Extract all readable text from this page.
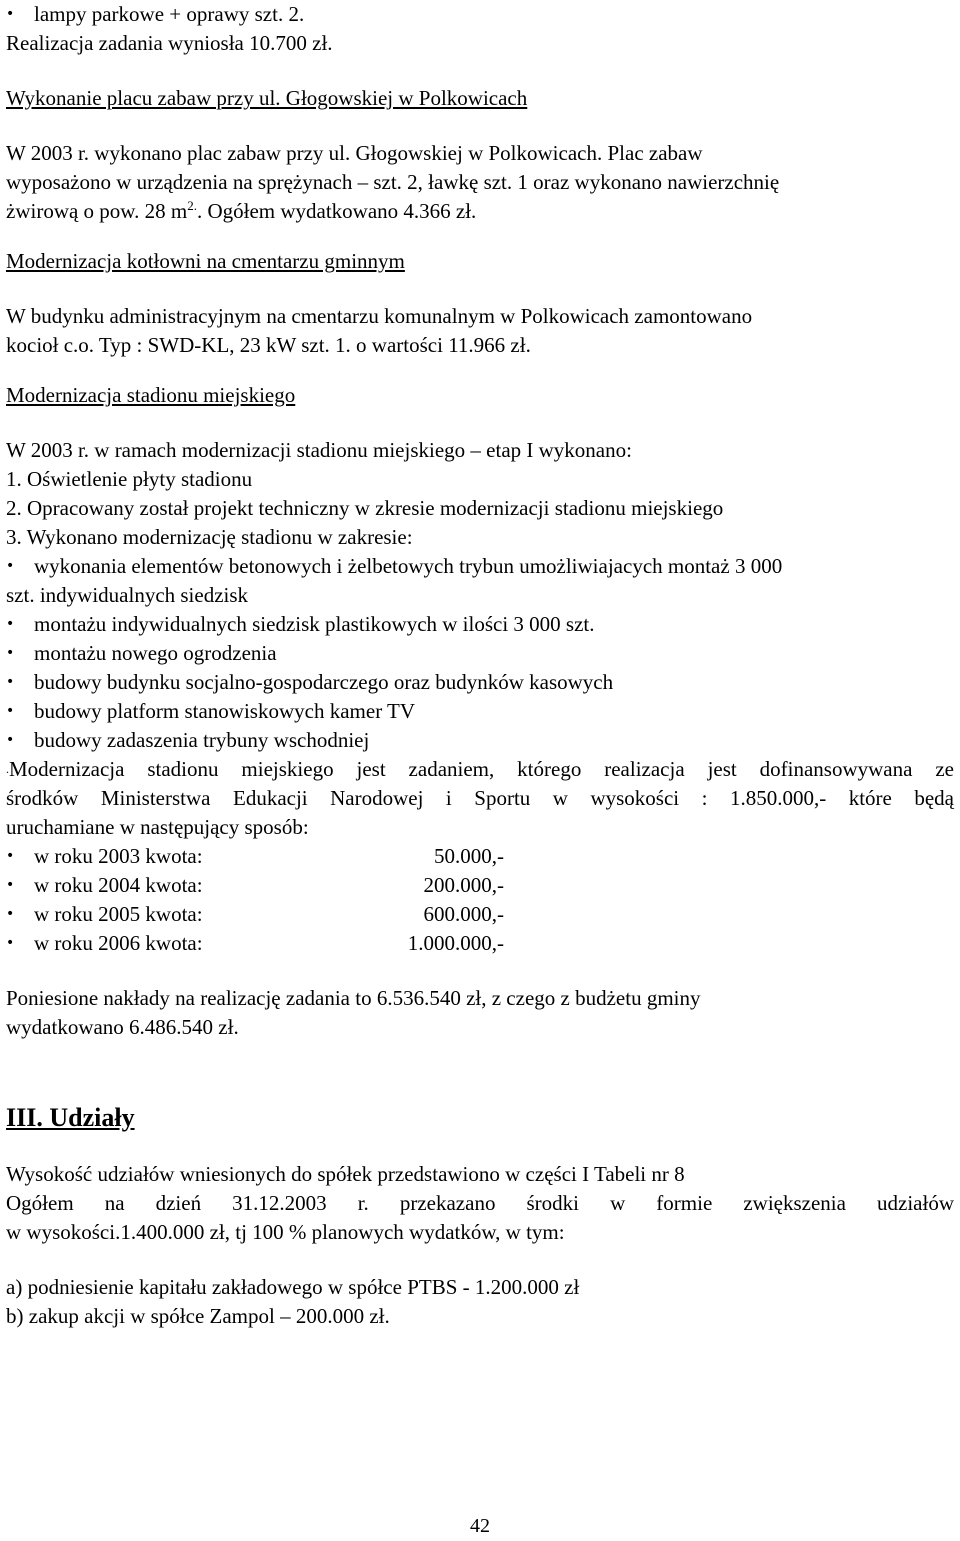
• lampy parkowe + oprawy szt. 2.

Realizacja zadania wyniosła 10.700 zł.

Wykonanie placu zabaw przy ul. Głogowskiej w Polkowicach

W 2003 r. wykonano plac zabaw przy ul. Głogowskiej w Polkowicach. Plac zabaw

wyposażono w urządzenia na sprężynach – szt. 2, ławkę szt. 1 oraz wykonano nawierzchnię

żwirową o pow. 28 $m^{2.}$. Ogółem wydatkowano 4.366 zł.

Modernizacja kotłowni na cmentarzu gminnym

W budynku administracyjnym na cmentarzu komunalnym w Polkowicach zamontowano

kocioł c.o. Typ : SWD-KL, 23 kW szt. 1. o wartości 11.966 zł.

Modernizacja stadionu miejskiego

W 2003 r. w ramach modernizacji stadionu miejskiego – etap I wykonano:

1. Oświetlenie płyty stadionu

2. Opracowany został projekt techniczny w zkresie modernizacji stadionu miejskiego

3. Wykonano modernizację stadionu w zakresie:

• wykonania elementów betonowych i żelbetowych trybun umożliwiajacych montaż 3 000
szt. indywidualnych siedzisk
• montażu indywidualnych siedzisk plastikowych w ilości 3 000 szt.
• montażu nowego ogrodzenia
• budowy budynku socjalno-gospodarczego oraz budynków kasowych
• budowy platform stanowiskowych kamer TV
• budowy zadaszenia trybuny wschodniej

.Modernizacja stadionu miejskiego jest zadaniem, którego realizacja jest dofinansowywana ze

środków Ministerstwa Edukacji Narodowej i Sportu w wysokości : 1.850.000,- które będą

uruchamiane w następujący sposób:

• w roku 2003 kwota:	50.000,-
• w roku 2004 kwota:	200.000,-
• w roku 2005 kwota:	600.000,-
• w roku 2006 kwota:	1.000.000,-

Poniesione nakłady na realizację zadania to 6.536.540 zł, z czego z budżetu gminy

wydatkowano 6.486.540 zł.

III. Udziały

Wysokość udziałów wniesionych do spółek przedstawiono w części I Tabeli nr 8

Ogółem na dzień 31.12.2003 r. przekazano środki w formie zwiększenia udziałów

w wysokości.1.400.000 zł, tj 100 % planowych wydatków, w tym:

a) podniesienie kapitału zakładowego w spółce PTBS - 1.200.000 zł

b) zakup akcji w spółce Zampol – 200.000 zł.

42
